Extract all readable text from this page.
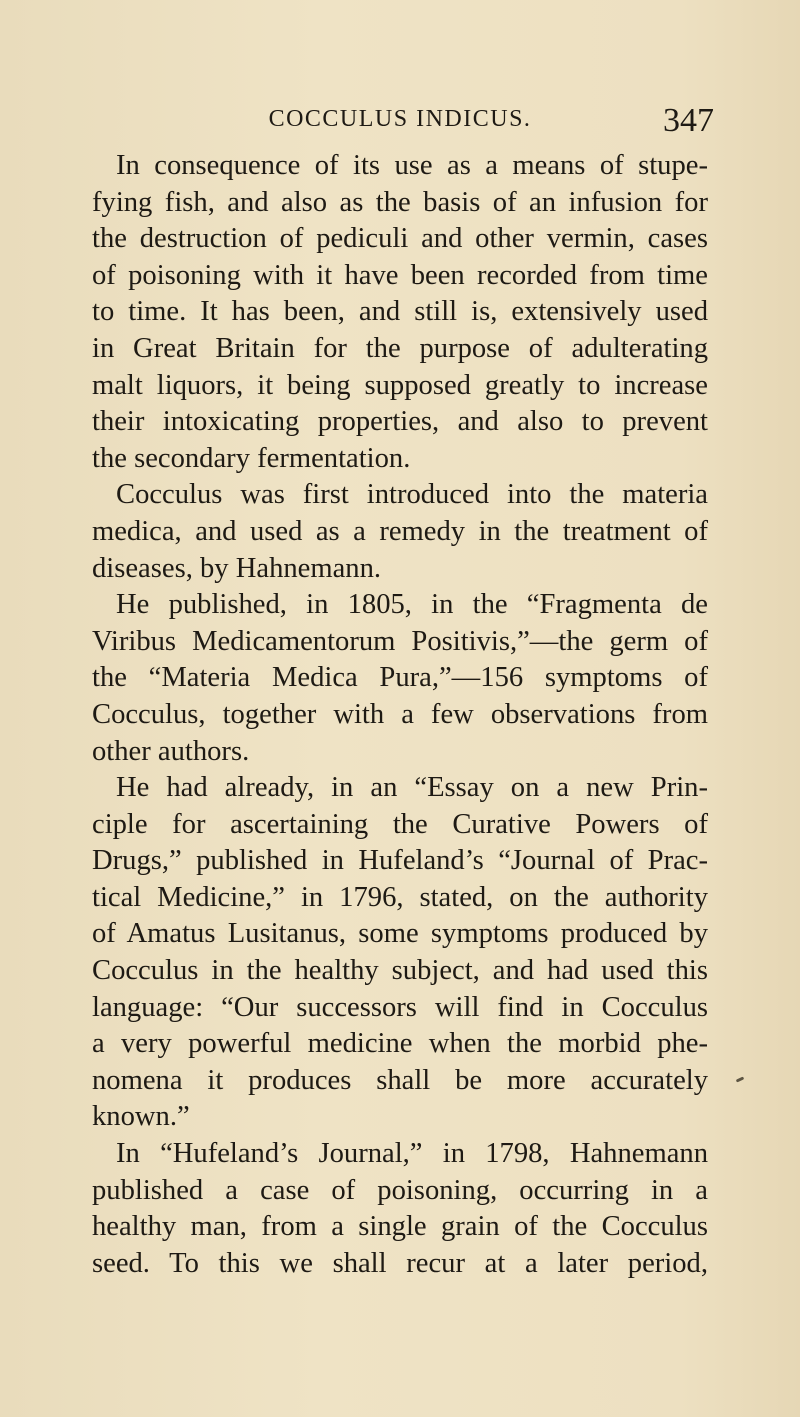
COCCULUS INDICUS.	347
In consequence of its use as a means of stupe-
fying fish, and also as the basis of an infusion for
the destruction of pediculi and other vermin, cases
of poisoning with it have been recorded from time
to time. It has been, and still is, extensively used
in Great Britain for the purpose of adulterating
malt liquors, it being supposed greatly to increase
their intoxicating properties, and also to prevent
the secondary fermentation.
Cocculus was first introduced into the materia
medica, and used as a remedy in the treatment of
diseases, by Hahnemann.
He published, in 1805, in the “Fragmenta de
Viribus Medicamentorum Positivis,”—the germ of
the “Materia Medica Pura,”—156 symptoms of
Cocculus, together with a few observations from
other authors.
He had already, in an “Essay on a new Prin-
ciple for ascertaining the Curative Powers of
Drugs,” published in Hufeland’s “Journal of Prac-
tical Medicine,” in 1796, stated, on the authority
of Amatus Lusitanus, some symptoms produced by
Cocculus in the healthy subject, and had used this
language: “Our successors will find in Cocculus
a very powerful medicine when the morbid phe-
nomena it produces shall be more accurately
known.”
In “Hufeland’s Journal,” in 1798, Hahnemann
published a case of poisoning, occurring in a
healthy man, from a single grain of the Cocculus
seed. To this we shall recur at a later period,
